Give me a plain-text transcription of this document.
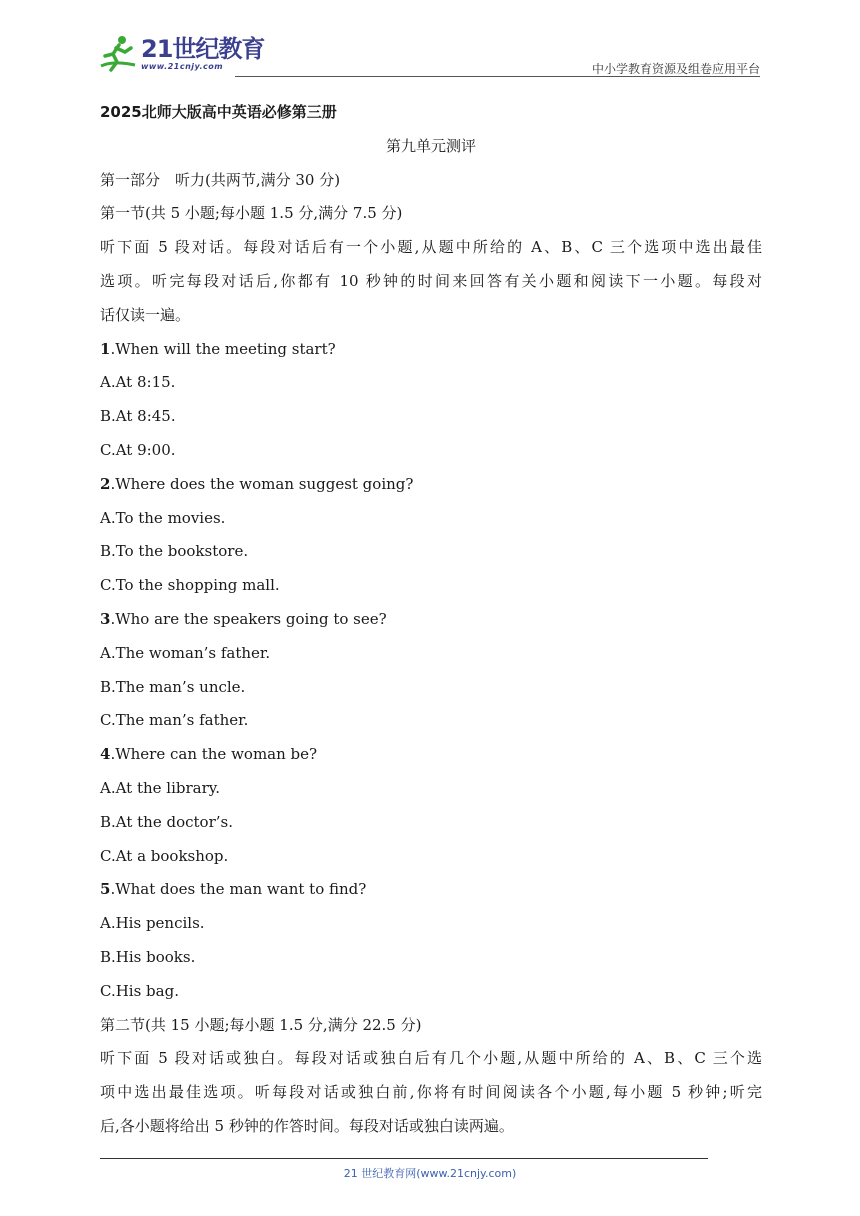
21世纪教育
www.21cnjy.com	中小学教育资源及组卷应用平台
2025北师大版高中英语必修第三册
第九单元测评
第一部分　听力(共两节,满分 30 分)
第一节(共 5 小题;每小题 1.5 分,满分 7.5 分)
听下面 5 段对话。每段对话后有一个小题,从题中所给的 A、B、C 三个选项中选出最佳
选项。听完每段对话后,你都有 10 秒钟的时间来回答有关小题和阅读下一小题。每段对
话仅读一遍。
1.When will the meeting start?
A.At 8:15.
B.At 8:45.
C.At 9:00.
2.Where does the woman suggest going?
A.To the movies.
B.To the bookstore.
C.To the shopping mall.
3.Who are the speakers going to see?
A.The woman’s father.
B.The man’s uncle.
C.The man’s father.
4.Where can the woman be?
A.At the library.
B.At the doctor’s.
C.At a bookshop.
5.What does the man want to find?
A.His pencils.
B.His books.
C.His bag.
第二节(共 15 小题;每小题 1.5 分,满分 22.5 分)
听下面 5 段对话或独白。每段对话或独白后有几个小题,从题中所给的 A、B、C 三个选
项中选出最佳选项。听每段对话或独白前,你将有时间阅读各个小题,每小题 5 秒钟;听完
后,各小题将给出 5 秒钟的作答时间。每段对话或独白读两遍。
21 世纪教育网(www.21cnjy.com)
